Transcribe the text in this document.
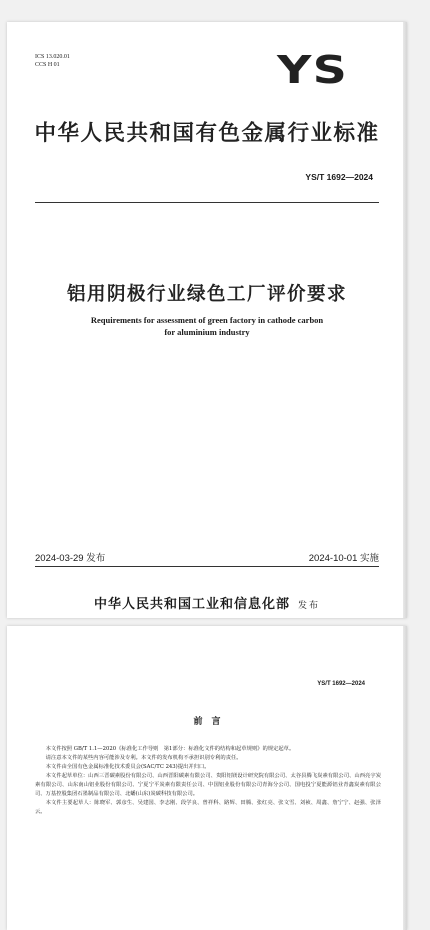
ICS 13.020.01
CCS H 01	YS
中华人民共和国有色金属行业标准
YS/T 1692—2024
铝用阴极行业绿色工厂评价要求
Requirements for assessment of green factory in cathode carbon
for aluminium industry
2024-03-29 发布	2024-10-01 实施
中华人民共和国工业和信息化部 发布
YS/T 1692—2024
前　言

本文件按照 GB/T 1.1—2020《标准化工作导则　第1部分：标准化文件的结构和起草规则》的规定起草。

请注意本文件的某些内容可能涉及专利。本文件的发布机构不承担识别专利的责任。

本文件由全国有色金属标准化技术委员会(SAC/TC 243)提出并归口。

本文件起草单位：山西三晋碳素股份有限公司、山西晋阳碳素有限公司、贵阳铝镁设计研究院有限公司、太谷县腾飞炭素有限公司、山西亮宇炭素有限公司、山东南山铝业股份有限公司、宁夏宁平炭素有限责任公司、中国铝业股份有限公司青海分公司、国电投宁夏能源铝业青鑫炭素有限公司、万基控股集团石墨制品有限公司、北蟠(山东)炭碳科技有限公司。

本文件主要起草人：陈晓军、郭彦生、吴建国、李志刚、段学良、曾祥科、路辉、田腾、张红亮、张文雪、刘祯、周鑫、詹宁宁、赵强、张泽云。
